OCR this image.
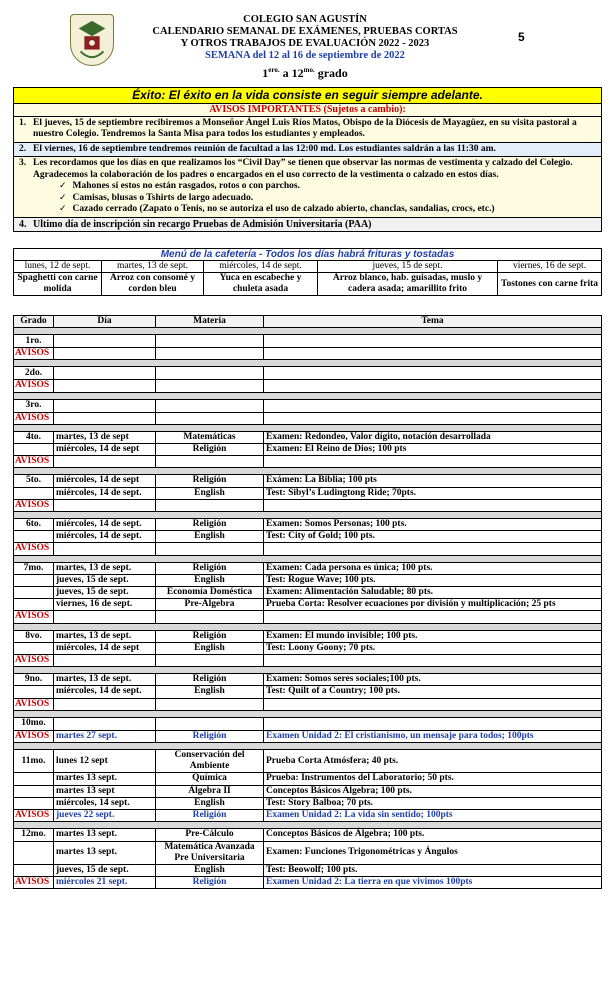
COLEGIO SAN AGUSTÍN
CALENDARIO SEMANAL DE EXÁMENES, PRUEBAS CORTAS
Y OTROS TRABAJOS DE EVALUACIÓN 2022 - 2023
SEMANA del 12 al 16 de septiembre de 2022
$1^{ero.}$ a $12^{mo.}$ grado
5
Éxito: El éxito en la vida consiste en seguir siempre adelante.
AVISOS IMPORTANTES (Sujetos a cambio):
1. El jueves, 15 de septiembre recibiremos a Monseñor Ángel Luis Ríos Matos, Obispo de la Diócesis de Mayagüez, en su visita pastoral a nuestro Colegio. Tendremos la Santa Misa para todos los estudiantes y empleados.
2. El viernes, 16 de septiembre tendremos reunión de facultad a las 12:00 md. Los estudiantes saldrán a las 11:30 am.
3. Les recordamos que los días en que realizamos los “Civil Day” se tienen que observar las normas de vestimenta y calzado del Colegio. Agradecemos la colaboración de los padres o encargados en el uso correcto de la vestimenta o calzado en estos días.
✓ Mahones si estos no están rasgados, rotos o con parchos.
✓ Camisas, blusas o Tshirts de largo adecuado.
✓ Cazado cerrado (Zapato o Tenis, no se autoriza el uso de calzado abierto, chanclas, sandalias, crocs, etc.)
4. Ultimo día de inscripción sin recargo Pruebas de Admisión Universitaria (PAA)
Menú de la cafetería - Todos los días habrá frituras y tostadas				
lunes, 12 de sept.	martes, 13 de sept.	miércoles, 14 de sept.	jueves, 15 de sept.	viernes, 16 de sept.
Spaghetti con carne molida	Arroz con consomé y cordon bleu	Yuca en escabeche y chuleta asada	Arroz blanco, hab. guisadas, muslo y cadera asada; amarillito frito	Tostones con carne frita
Grado	Día	Materia	Tema

1ro.			
AVISOS			

2do.			
AVISOS			

3ro.			
AVISOS			

4to.	martes, 13 de sept	Matemáticas	Examen: Redondeo, Valor dígito, notación desarrollada
	miércoles, 14 de sept	Religión	Examen: El Reino de Dios; 100 pts
AVISOS			

5to.	miércoles, 14 de sept	Religión	Exámen: La Biblia; 100 pts
	miércoles, 14 de sept.	English	Test: Sibyl’s Ludingtong Ride; 70pts.
AVISOS			

6to.	miércoles, 14 de sept.	Religión	Examen: Somos Personas; 100 pts.
	miércoles, 14 de sept.	English	Test: City of Gold; 100 pts.
AVISOS			

7mo.	martes, 13 de sept.	Religión	Examen: Cada persona es única; 100 pts.
	jueves, 15 de sept.	English	Test: Rogue Wave; 100 pts.
	jueves, 15 de sept.	Economía Doméstica	Examen: Alimentación Saludable; 80 pts.
	viernes, 16 de sept.	Pre-Álgebra	Prueba Corta: Resolver ecuaciones por división y multiplicación; 25 pts
AVISOS			

8vo.	martes, 13 de sept.	Religión	Examen: El mundo invisible; 100 pts.
	miércoles, 14 de sept	English	Test: Loony Goony; 70 pts.
AVISOS			

9no.	martes, 13 de sept.	Religión	Examen: Somos seres sociales;100 pts.
	miércoles, 14 de sept.	English	Test: Quilt of a Country; 100 pts.
AVISOS			

10mo.			
AVISOS	martes 27 sept.	Religión	Examen Unidad 2: El cristianismo, un mensaje para todos; 100pts

11mo.	lunes 12 sept	Conservación del Ambiente	Prueba Corta Atmósfera; 40 pts.
	martes 13 sept.	Química	Prueba: Instrumentos del Laboratorio; 50 pts.
	martes 13 sept	Álgebra II	Conceptos Básicos Algebra; 100 pts.
	miércoles, 14 sept.	English	Test: Story Balboa; 70 pts.
AVISOS	jueves 22 sept.	Religión	Examen Unidad 2: La vida sin sentido; 100pts

12mo.	martes 13 sept.	Pre-Cálculo	Conceptos Básicos de Álgebra; 100 pts.
	martes 13 sept.	Matemática Avanzada Pre Universitaria	Examen: Funciones Trigonométricas y Ángulos
	jueves, 15 de sept.	English	Test: Beowolf; 100 pts.
AVISOS	miércoles 21 sept.	Religión	Examen Unidad 2: La tierra en que vivimos 100pts
